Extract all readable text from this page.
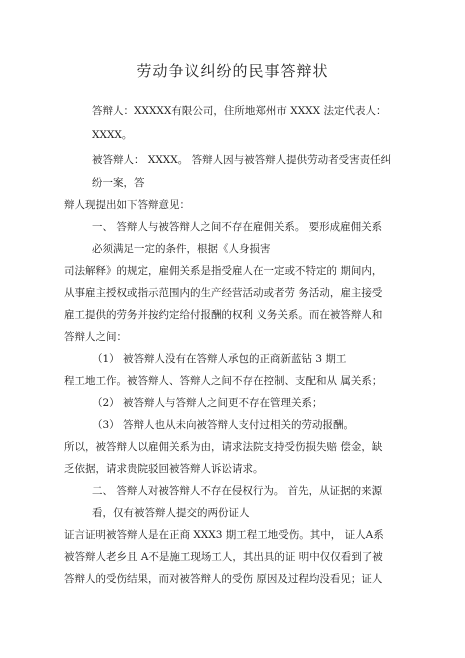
劳动争议纠纷的民事答辩状
答辩人：XXXXX有限公司，住所地郑州市 XXXX 法定代表人：
XXXX。
被答辩人： XXXX。 答辩人因与被答辩人提供劳动者受害责任纠
纷一案，答
辩人现提出如下答辩意见：
一、 答辩人与被答辩人之间不存在雇佣关系。 要形成雇佣关系
必须满足一定的条件，根据《人身损害
司法解释》的规定，雇佣关系是指受雇人在一定或不特定的 期间内，
从事雇主授权或指示范围内的生产经营活动或者劳 务活动，雇主接受
雇工提供的劳务并按约定给付报酬的权利 义务关系。而在被答辩人和
答辩人之间：
（1） 被答辩人没有在答辩人承包的正商新蓝钻 3 期工
程工地工作。被答辩人、答辩人之间不存在控制、支配和从 属关系；
（2） 被答辩人与答辩人之间更不存在管理关系；
（3） 答辩人也从未向被答辩人支付过相关的劳动报酬。
所以，被答辩人以雇佣关系为由，请求法院支持受伤损失赔 偿金，缺
乏依据，请求贵院驳回被答辩人诉讼请求。
二、 答辩人对被答辩人不存在侵权行为。 首先，从证据的来源
看，仅有被答辩人提交的两份证人
证言证明被答辩人是在正商 XXX3 期工程工地受伤。其中， 证人A系
被答辩人老乡且 A不是施工现场工人，其出具的证 明中仅仅看到了被
答辩人的受伤结果，而对被答辩人的受伤 原因及过程均没看见；证人
